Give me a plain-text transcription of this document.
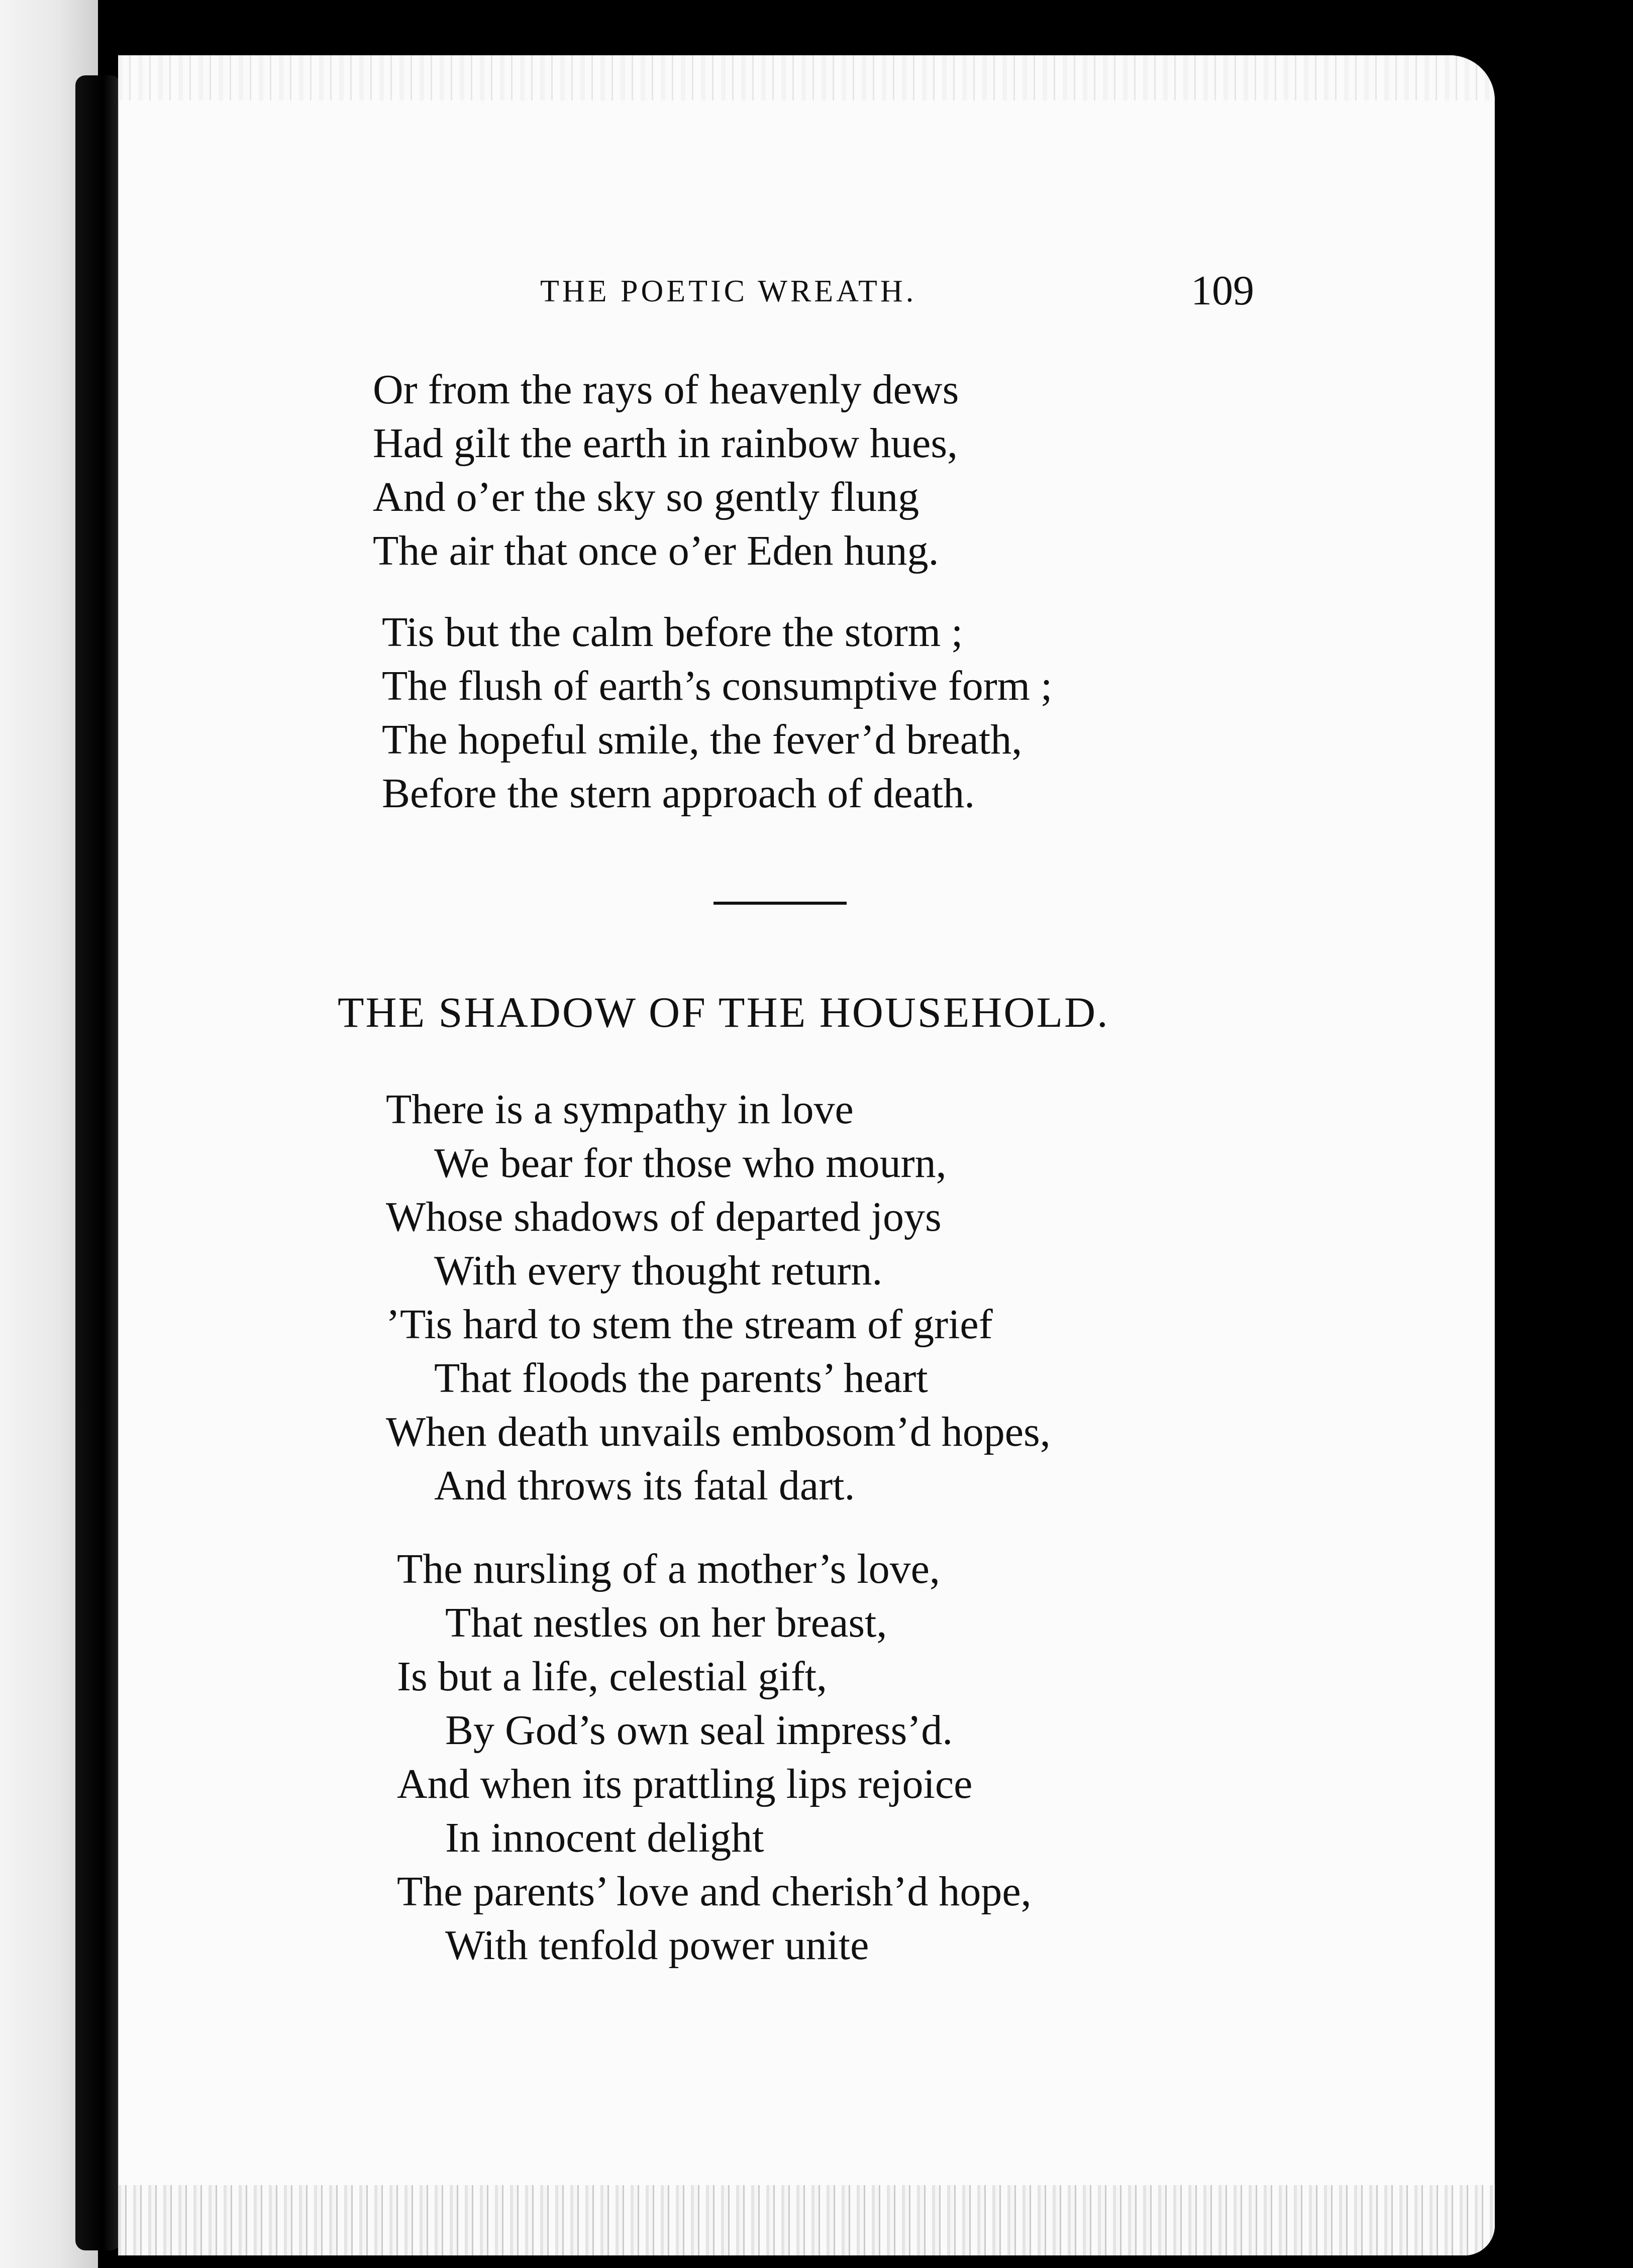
THE POETIC WREATH.	109
Or from the rays of heavenly dews
Had gilt the earth in rainbow hues,
And o’er the sky so gently flung
The air that once o’er Eden hung.
Tis but the calm before the storm ;
The flush of earth’s consumptive form ;
The hopeful smile, the fever’d breath,
Before the stern approach of death.
THE SHADOW OF THE HOUSEHOLD.
There is a sympathy in love
We bear for those who mourn,
Whose shadows of departed joys
With every thought return.
’Tis hard to stem the stream of grief
That floods the parents’ heart
When death unvails embosom’d hopes,
And throws its fatal dart.
The nursling of a mother’s love,
That nestles on her breast,
Is but a life, celestial gift,
By God’s own seal impress’d.
And when its prattling lips rejoice
In innocent delight
The parents’ love and cherish’d hope,
With tenfold power unite
